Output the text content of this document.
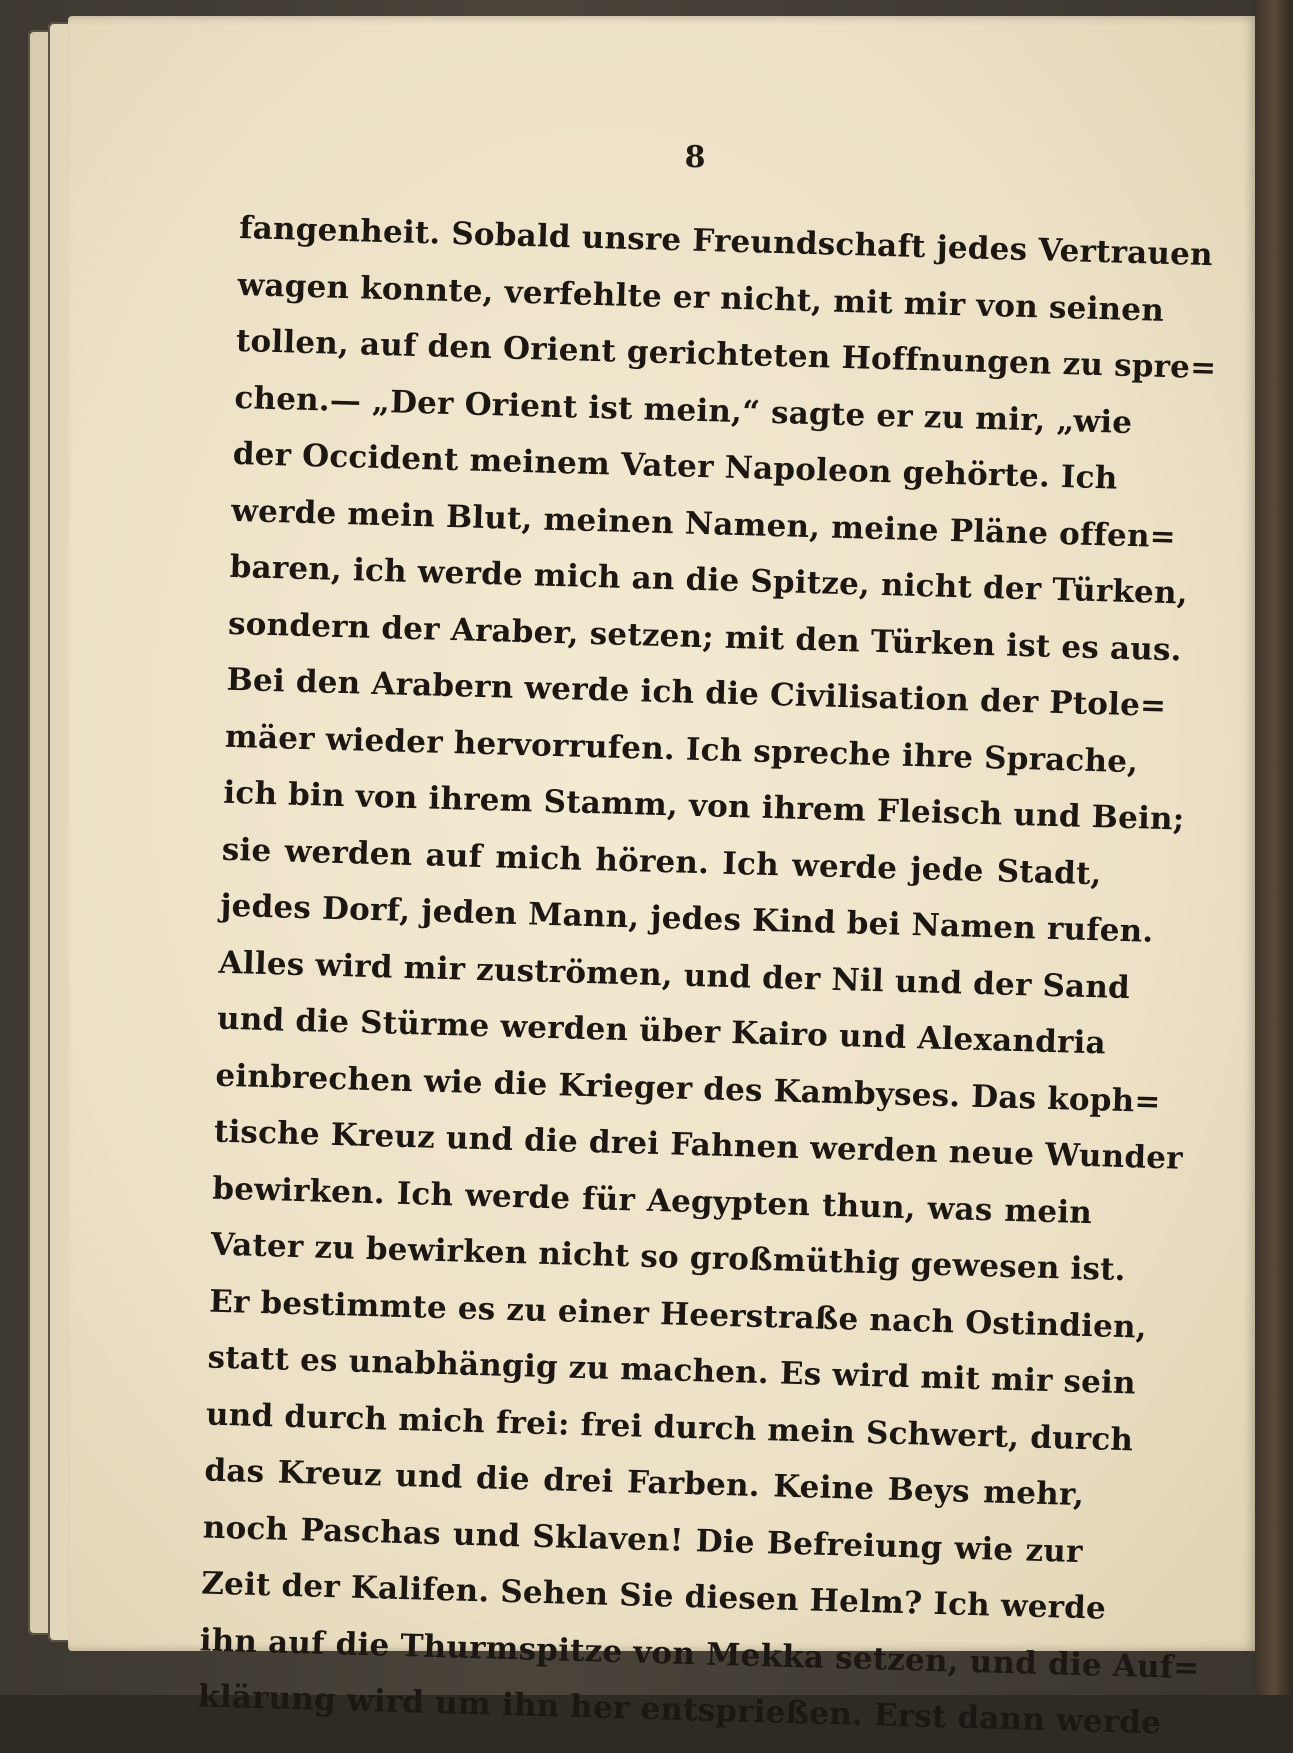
8
fangenheit. Sobald unsre Freundschaft jedes Vertrauen
wagen konnte, verfehlte er nicht, mit mir von seinen
tollen, auf den Orient gerichteten Hoffnungen zu spre=
chen.— „Der Orient ist mein,“ sagte er zu mir, „wie
der Occident meinem Vater Napoleon gehörte. Ich
werde mein Blut, meinen Namen, meine Pläne offen=
baren, ich werde mich an die Spitze, nicht der Türken,
sondern der Araber, setzen; mit den Türken ist es aus.
Bei den Arabern werde ich die Civilisation der Ptole=
mäer wieder hervorrufen. Ich spreche ihre Sprache,
ich bin von ihrem Stamm, von ihrem Fleisch und Bein;
sie werden auf mich hören. Ich werde jede Stadt,
jedes Dorf, jeden Mann, jedes Kind bei Namen rufen.
Alles wird mir zuströmen, und der Nil und der Sand
und die Stürme werden über Kairo und Alexandria
einbrechen wie die Krieger des Kambyses. Das koph=
tische Kreuz und die drei Fahnen werden neue Wunder
bewirken. Ich werde für Aegypten thun, was mein
Vater zu bewirken nicht so großmüthig gewesen ist.
Er bestimmte es zu einer Heerstraße nach Ostindien,
statt es unabhängig zu machen. Es wird mit mir sein
und durch mich frei: frei durch mein Schwert, durch
das Kreuz und die drei Farben. Keine Beys mehr,
noch Paschas und Sklaven! Die Befreiung wie zur
Zeit der Kalifen. Sehen Sie diesen Helm? Ich werde
ihn auf die Thurmspitze von Mekka setzen, und die Auf=
klärung wird um ihn her entsprießen. Erst dann werde
